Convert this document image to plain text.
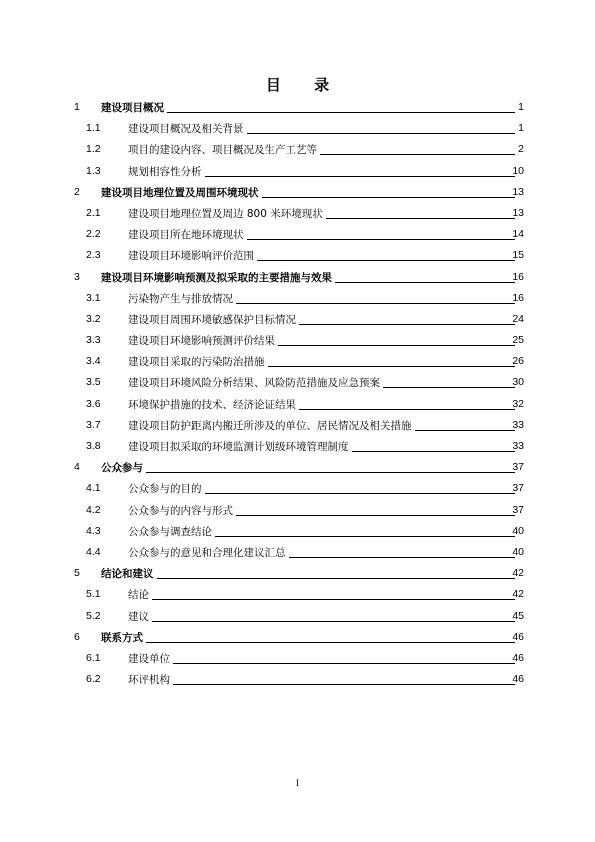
目 录
1 建设项目概况	1
1.1	建设项目概况及相关背景	1
1.2	项目的建设内容、项目概况及生产工艺等	2
1.3	规划相容性分析	10
2 建设项目地理位置及周围环境现状	13
2.1	建设项目地理位置及周边 800 米环境现状	13
2.2	建设项目所在地环境现状	14
2.3	建设项目环境影响评价范围	15
3 建设项目环境影响预测及拟采取的主要措施与效果	16
3.1	污染物产生与排放情况	16
3.2	建设项目周围环境敏感保护目标情况	24
3.3	建设项目环境影响预测评价结果	25
3.4	建设项目采取的污染防治措施	26
3.5	建设项目环境风险分析结果、风险防范措施及应急预案	30
3.6	环境保护措施的技术、经济论证结果	32
3.7	建设项目防护距离内搬迁所涉及的单位、居民情况及相关措施	33
3.8	建设项目拟采取的环境监测计划级环境管理制度	33
4 公众参与	37
4.1	公众参与的目的	37
4.2	公众参与的内容与形式	37
4.3	公众参与调查结论	40
4.4	公众参与的意见和合理化建议汇总	40
5 结论和建议	42
5.1	结论	42
5.2	建议	45
6 联系方式	46
6.1	建设单位	46
6.2	环评机构	46
I
